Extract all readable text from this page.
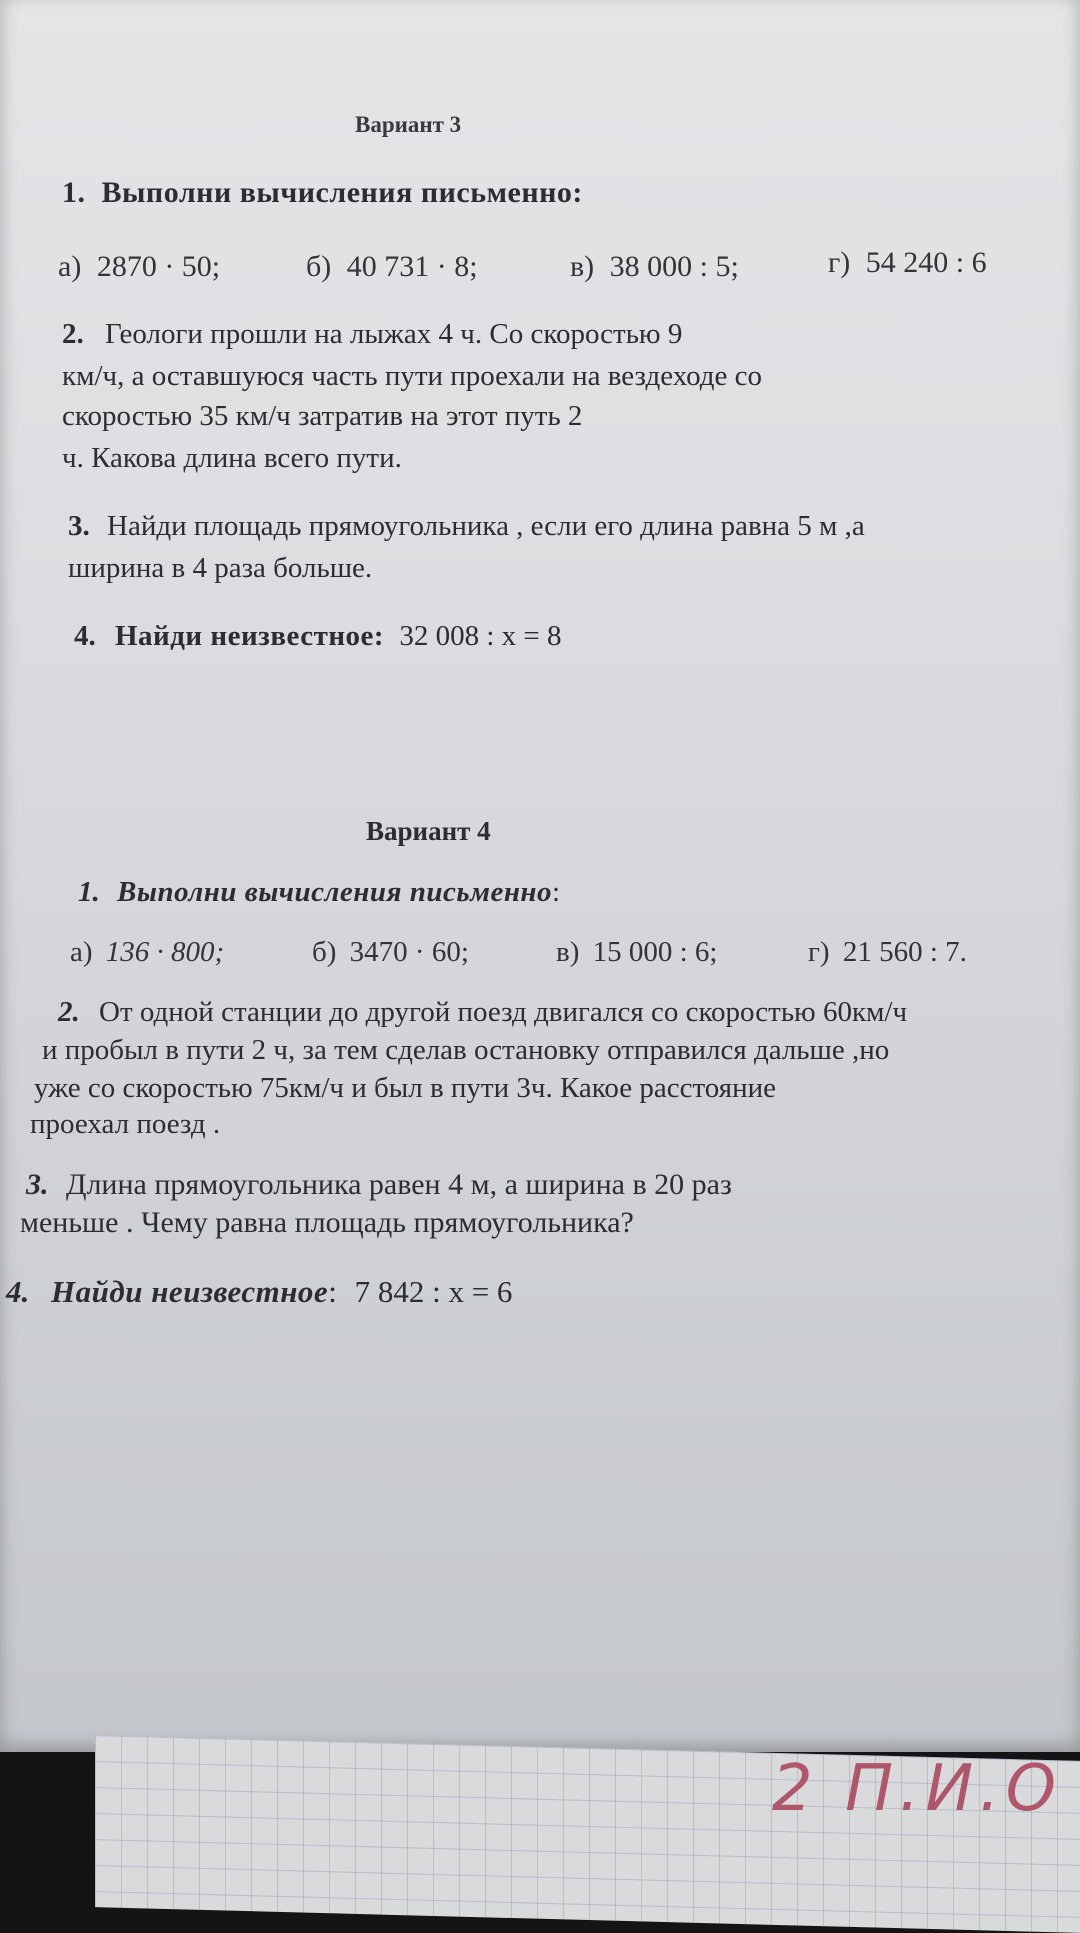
Вариант 3
1. Выполни вычисления письменно:
а) 2870 · 50;	б) 40 731 · 8;	в) 38 000 : 5;	г) 54 240 : 6
2. Геологи прошли на лыжах 4 ч. Со скоростью 9
км/ч, а оставшуюся часть пути проехали на вездеходе со
скоростью 35 км/ч затратив на этот путь 2
ч. Какова длина всего пути.
3. Найди площадь прямоугольника , если его длина равна 5 м ,а
ширина в 4 раза больше.
4. Найди неизвестное: 32 008 : х = 8
Вариант 4
1. Выполни вычисления письменно:
а) 136 · 800;	б) 3470 · 60;	в) 15 000 : 6;	г) 21 560 : 7.
2. От одной станции до другой поезд двигался со скоростью 60км/ч
и пробыл в пути 2 ч, за тем сделав остановку отправился дальше ,но
уже со скоростью 75км/ч и был в пути 3ч. Какое расстояние
проехал поезд .
3. Длина прямоугольника равен 4 м, а ширина в 20 раз
меньше . Чему равна площадь прямоугольника?
4. Найди неизвестное: 7 842 : х = 6
2 П.И.О
